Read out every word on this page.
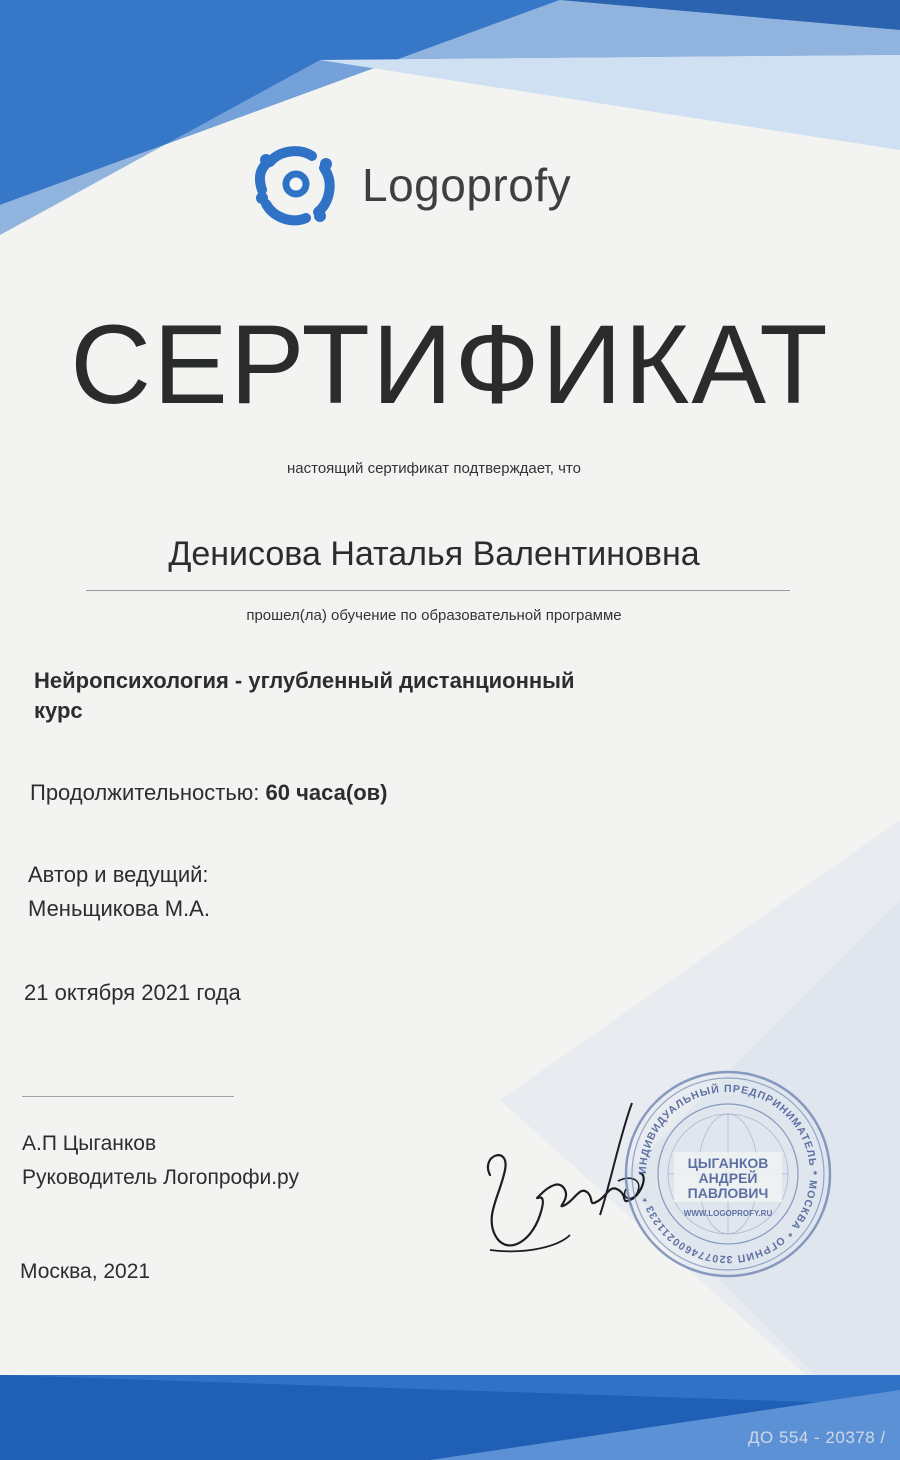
Logoprofy
СЕРТИФИКАТ
настоящий сертификат подтверждает, что
Денисова Наталья Валентиновна
прошел(ла) обучение по образовательной программе
Нейропсихология - углубленный дистанционный
курс
Продолжительностью: 60 часа(ов)
Автор и ведущий:
Меньщикова М.А.
21 октября 2021 года
А.П Цыганков
Руководитель Логопрофи.ру
Москва, 2021
ИНДИВИДУАЛЬНЫЙ ПРЕДПРИНИМАТЕЛЬ * МОСКВА * ОГРНИП 320774600211233 *
ЦЫГАНКОВ
АНДРЕЙ
ПАВЛОВИЧ
WWW.LOGOPROFY.RU
ДО 554 - 20378 /
